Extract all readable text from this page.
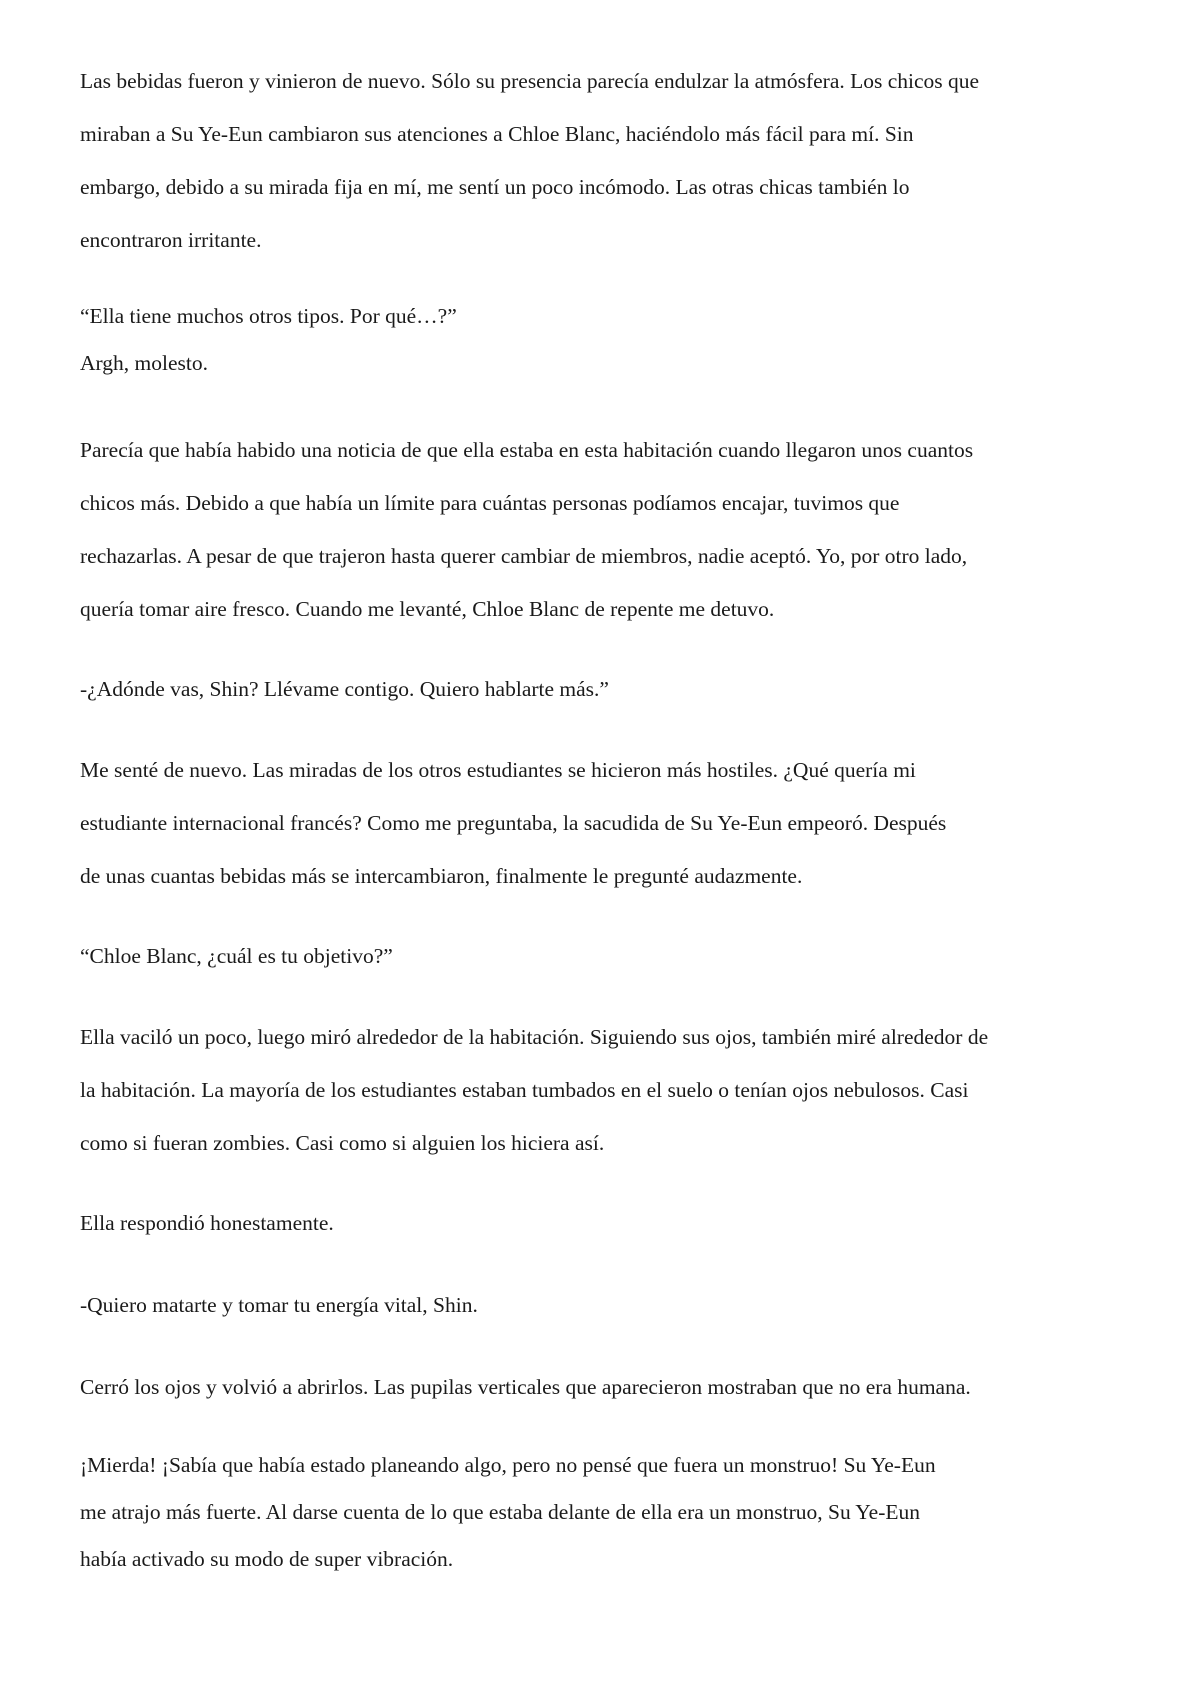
Las bebidas fueron y vinieron de nuevo. Sólo su presencia parecía endulzar la atmósfera. Los chicos que
miraban a Su Ye-Eun cambiaron sus atenciones a Chloe Blanc, haciéndolo más fácil para mí. Sin
embargo, debido a su mirada fija en mí, me sentí un poco incómodo. Las otras chicas también lo
encontraron irritante.

“Ella tiene muchos otros tipos. Por qué…?”
Argh, molesto.

Parecía que había habido una noticia de que ella estaba en esta habitación cuando llegaron unos cuantos
chicos más. Debido a que había un límite para cuántas personas podíamos encajar, tuvimos que
rechazarlas. A pesar de que trajeron hasta querer cambiar de miembros, nadie aceptó. Yo, por otro lado,
quería tomar aire fresco. Cuando me levanté, Chloe Blanc de repente me detuvo.

-¿Adónde vas, Shin? Llévame contigo. Quiero hablarte más.”

Me senté de nuevo. Las miradas de los otros estudiantes se hicieron más hostiles. ¿Qué quería mi
estudiante internacional francés? Como me preguntaba, la sacudida de Su Ye-Eun empeoró. Después
de unas cuantas bebidas más se intercambiaron, finalmente le pregunté audazmente.

“Chloe Blanc, ¿cuál es tu objetivo?”

Ella vaciló un poco, luego miró alrededor de la habitación. Siguiendo sus ojos, también miré alrededor de
la habitación. La mayoría de los estudiantes estaban tumbados en el suelo o tenían ojos nebulosos. Casi
como si fueran zombies. Casi como si alguien los hiciera así.

Ella respondió honestamente.

-Quiero matarte y tomar tu energía vital, Shin.

Cerró los ojos y volvió a abrirlos. Las pupilas verticales que aparecieron mostraban que no era humana.

¡Mierda! ¡Sabía que había estado planeando algo, pero no pensé que fuera un monstruo! Su Ye-Eun
me atrajo más fuerte. Al darse cuenta de lo que estaba delante de ella era un monstruo, Su Ye-Eun
había activado su modo de super vibración.
